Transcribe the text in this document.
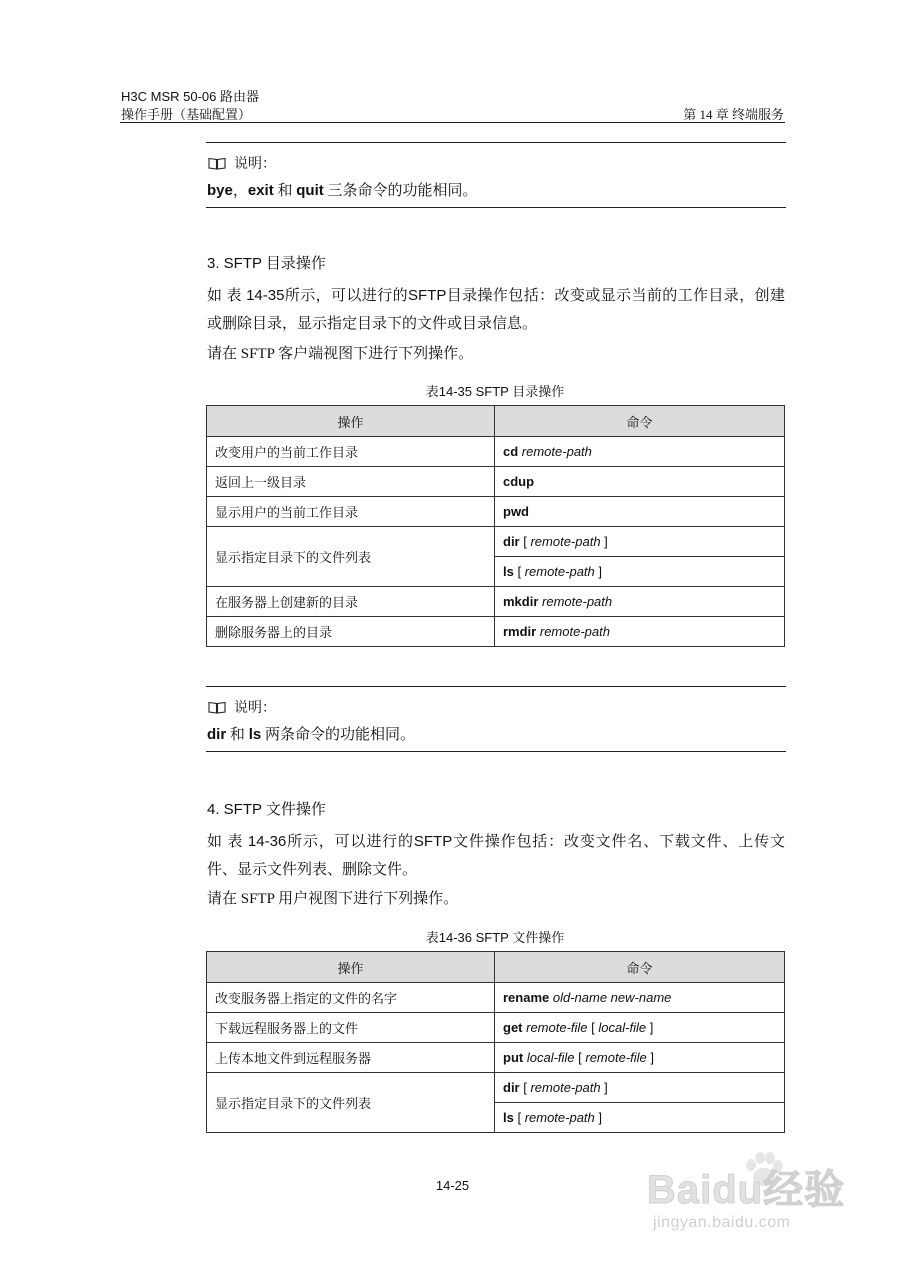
H3C MSR 50-06 路由器
操作手册（基础配置）	第 14 章 终端服务
说明：
bye，exit 和 quit 三条命令的功能相同。
3. SFTP 目录操作
如 表 14-35所示，可以进行的SFTP目录操作包括：改变或显示当前的工作目录，创建或删除目录，显示指定目录下的文件或目录信息。
请在 SFTP 客户端视图下进行下列操作。
表14-35 SFTP 目录操作
操作	命令
改变用户的当前工作目录	cd remote-path
返回上一级目录	cdup
显示用户的当前工作目录	pwd
显示指定目录下的文件列表	dir [ remote-path ]
	ls [ remote-path ]
在服务器上创建新的目录	mkdir remote-path
删除服务器上的目录	rmdir remote-path
说明：
dir 和 ls 两条命令的功能相同。
4. SFTP 文件操作
如 表 14-36所示，可以进行的SFTP文件操作包括：改变文件名、下载文件、上传文件、显示文件列表、删除文件。
请在 SFTP 用户视图下进行下列操作。
表14-36 SFTP 文件操作
操作	命令
改变服务器上指定的文件的名字	rename old-name new-name
下载远程服务器上的文件	get remote-file [ local-file ]
上传本地文件到远程服务器	put local-file [ remote-file ]
显示指定目录下的文件列表	dir [ remote-path ]
	ls [ remote-path ]
14-25	Baidu经验
jingyan.baidu.com
